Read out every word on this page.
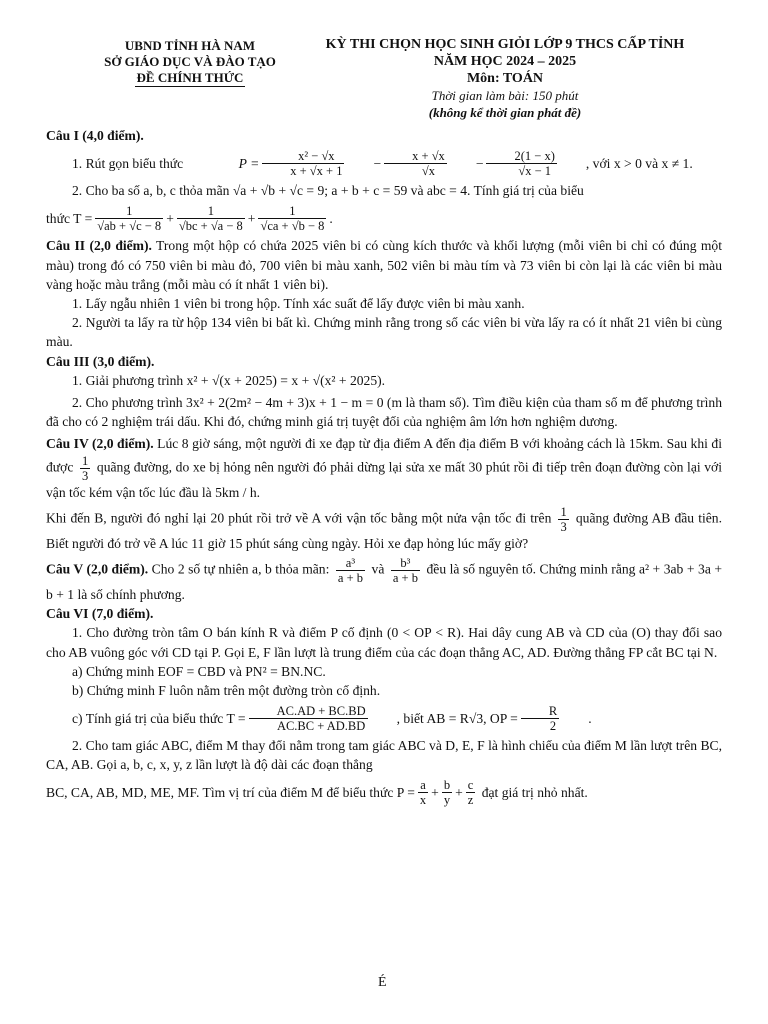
UBND TỈNH HÀ NAM
SỞ GIÁO DỤC VÀ ĐÀO TẠO
ĐỀ CHÍNH THỨC
KỲ THI CHỌN HỌC SINH GIỎI LỚP 9 THCS CẤP TỈNH
NĂM HỌC 2024 – 2025
Môn: TOÁN
Thời gian làm bài: 150 phút
(không kể thời gian phát đề)

Câu I (4,0 điểm).

1. Rút gọn biểu thức
	$P = \frac{\text{x² − √x}}{x + √x + 1} - \frac{x + √x}{√x} - \frac{2(1 - x)}{√x - 1}$	, với x > 0 và x ≠ 1.

2. Cho ba số a, b, c thỏa mãn √a + √b + √c = 9; a + b + c = 59 và abc = 4. Tính giá trị của biểu

thức $T = \frac{1}{√ab + √c - 8} + \frac{1}{√bc + √a - 8} + \frac{1}{√ca + √b - 8}$ .

Câu II (2,0 điểm). Trong một hộp có chứa 2025 viên bi có cùng kích thước và khối lượng (mỗi viên bi chỉ có đúng một màu) trong đó có 750 viên bi màu đỏ, 700 viên bi màu xanh, 502 viên bi màu tím và 73 viên bi còn lại là các viên bi màu vàng hoặc màu trắng (mỗi màu có ít nhất 1 viên bi).

1. Lấy ngẫu nhiên 1 viên bi trong hộp. Tính xác suất để lấy được viên bi màu xanh.

2. Người ta lấy ra từ hộp 134 viên bi bất kì. Chứng minh rằng trong số các viên bi vừa lấy ra có ít nhất 21 viên bi cùng màu.

Câu III (3,0 điểm).

1. Giải phương trình x² + √(x + 2025) = x + √(x² + 2025).

2. Cho phương trình 3x² + 2(2m² − 4m + 3)x + 1 − m = 0 (m là tham số). Tìm điều kiện của tham số m để phương trình đã cho có 2 nghiệm trái dấu. Khi đó, chứng minh giá trị tuyệt đối của nghiệm âm lớn hơn nghiệm dương.

Câu IV (2,0 điểm). Lúc 8 giờ sáng, một người đi xe đạp từ địa điểm A đến địa điểm B với khoảng cách là 15km. Sau khi đi được $\frac{1}{3}$ quãng đường, do xe bị hỏng nên người đó phải dừng lại sửa xe mất 30 phút rồi đi tiếp trên đoạn đường còn lại với vận tốc kém vận tốc lúc đầu là 5km / h.

Khi đến B, người đó nghỉ lại 20 phút rồi trở về A với vận tốc bằng một nửa vận tốc đi trên $\frac{1}{3}$ quãng đường AB đầu tiên. Biết người đó trở về A lúc 11 giờ 15 phút sáng cùng ngày. Hỏi xe đạp hỏng lúc mấy giờ?

Câu V (2,0 điểm). Cho 2 số tự nhiên a, b thỏa mãn: $\frac{\text{a³}}{a + b}$ và $\frac{\text{b³}}{a + b}$ đều là số nguyên tố. Chứng minh rằng a² + 3ab + 3a + b + 1 là số chính phương.

Câu VI (7,0 điểm).

1. Cho đường tròn tâm O bán kính R và điểm P cố định (0 < OP < R). Hai dây cung AB và CD của (O) thay đổi sao cho AB vuông góc với CD tại P. Gọi E, F lần lượt là trung điểm của các đoạn thẳng AC, AD. Đường thẳng FP cắt BC tại N.

a) Chứng minh EOF = CBD và PN² = BN.NC.

b) Chứng minh F luôn nằm trên một đường tròn cố định.

c) Tính giá trị của biểu thức $T = \frac{AC.AD + BC.BD}{AC.BC + AD.BD}$	, biết AB = R√3, OP = $\frac{R}{2}$ .

2. Cho tam giác ABC, điểm M thay đổi nằm trong tam giác ABC và D, E, F là hình chiếu của điểm M lần lượt trên BC, CA, AB. Gọi a, b, c, x, y, z lần lượt là độ dài các đoạn thẳng

BC, CA, AB, MD, ME, MF. Tìm vị trí của điểm M để biểu thức $P = \frac{a}{x} + \frac{b}{y} + \frac{c}{z}$
đạt giá trị nhỏ nhất.
É
